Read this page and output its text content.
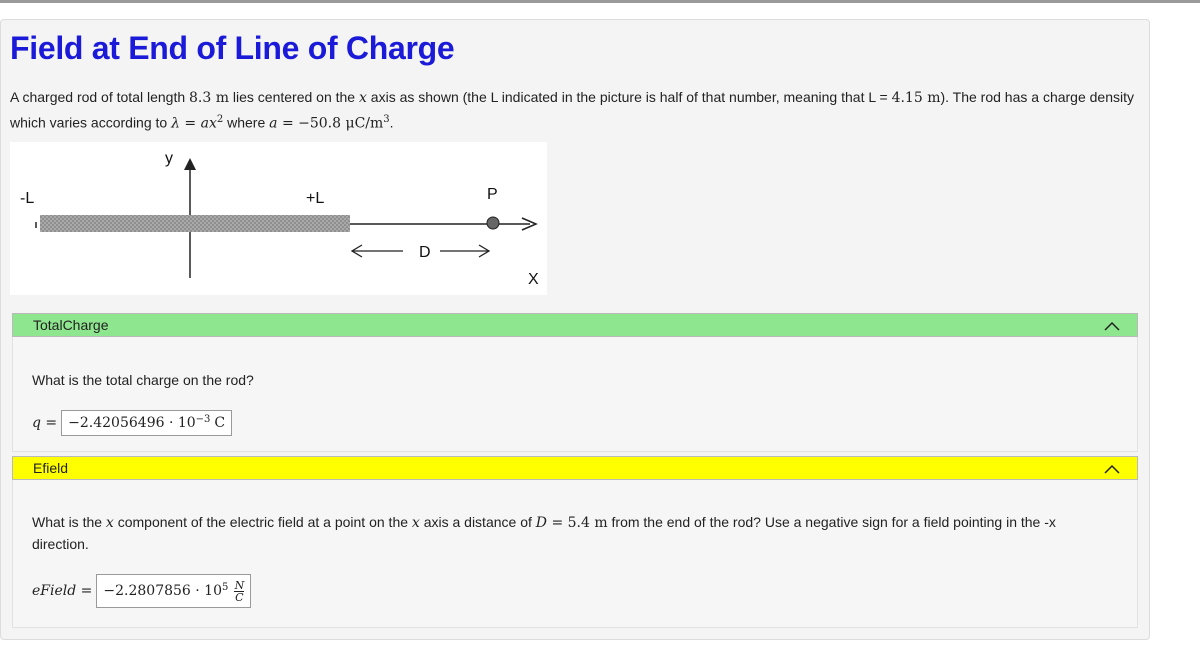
Field at End of Line of Charge
A charged rod of total length 8.3 m lies centered on the x axis as shown (the L indicated in the picture is half of that number, meaning that L = 4.15 m). The rod has a charge density which varies according to $\lambda = ax^2$ where a = −50.8 $\mu C/m^3$.
y
-L	+L	P
D
X
TotalCharge
What is the total charge on the rod?
$q = -2.42056496 \cdot 10^{-3}$ C
Efield
What is the x component of the electric field at a point on the x axis a distance of D = 5.4 m from the end of the rod? Use a negative sign for a field pointing in the -x direction.
eField = $-2.2807856 \cdot 10^5 \frac{N}{C}$
